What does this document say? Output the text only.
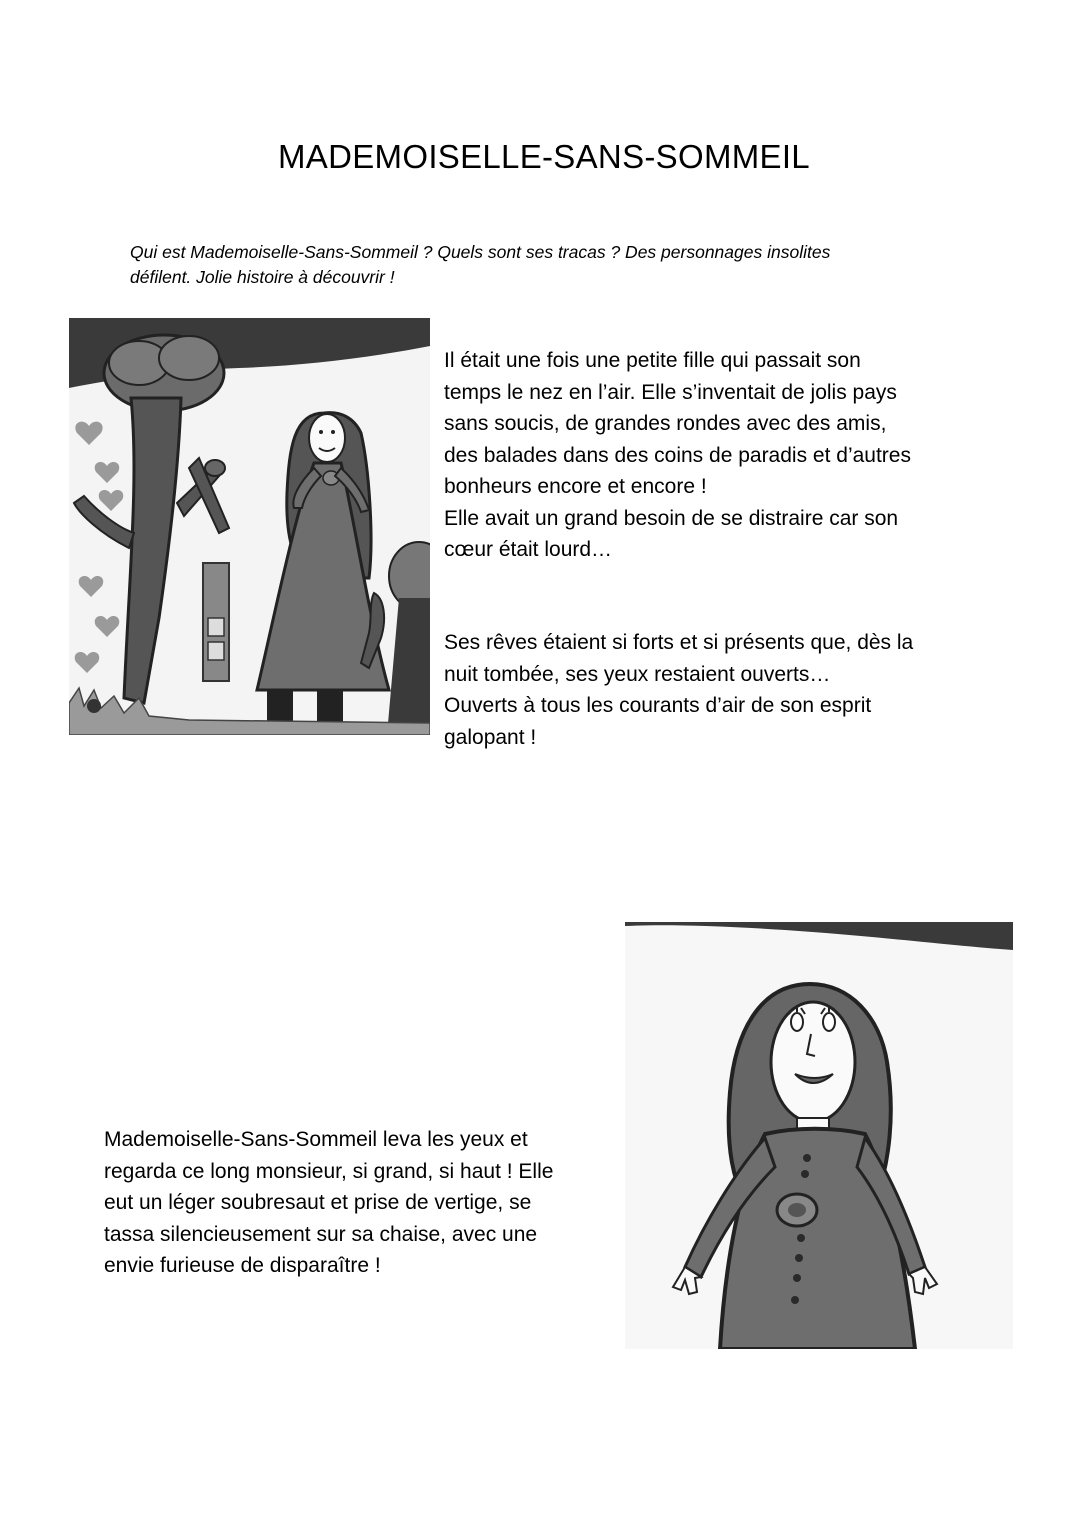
MADEMOISELLE-SANS-SOMMEIL

Qui est Mademoiselle-Sans-Sommeil ? Quels sont ses tracas ? Des personnages insolites
défilent. Jolie histoire à découvrir !

Il était une fois une petite fille qui passait son
temps le nez en l’air. Elle s’inventait de jolis pays
sans soucis, de grandes rondes avec des amis,
des balades dans des coins de paradis et d’autres
bonheurs encore et encore !
Elle avait un grand besoin de se distraire car son
cœur était lourd…

Ses rêves étaient si forts et si présents que, dès la
nuit tombée, ses yeux restaient ouverts…
Ouverts à tous les courants d’air de son esprit
galopant !

Mademoiselle-Sans-Sommeil leva les yeux et
regarda ce long monsieur, si grand, si haut ! Elle
eut un léger soubresaut et prise de vertige, se
tassa silencieusement sur sa chaise, avec une
envie furieuse de disparaître !
